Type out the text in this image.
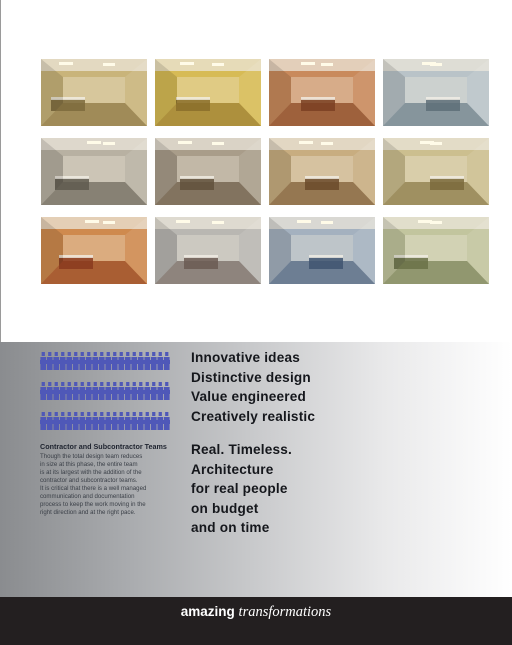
Contractor and Subcontractor Teams
Though the total design team reduces
in size at this phase, the entire team
is at its largest with the addition of the
contractor and subcontractor teams.
It is critical that there is a well managed
communication and documentation
process to keep the work moving in the
right direction and at the right pace.
Innovative ideas
Distinctive design
Value engineered
Creatively realistic
Real. Timeless.
Architecture
for real people
on budget
and on time
amazing transformations
